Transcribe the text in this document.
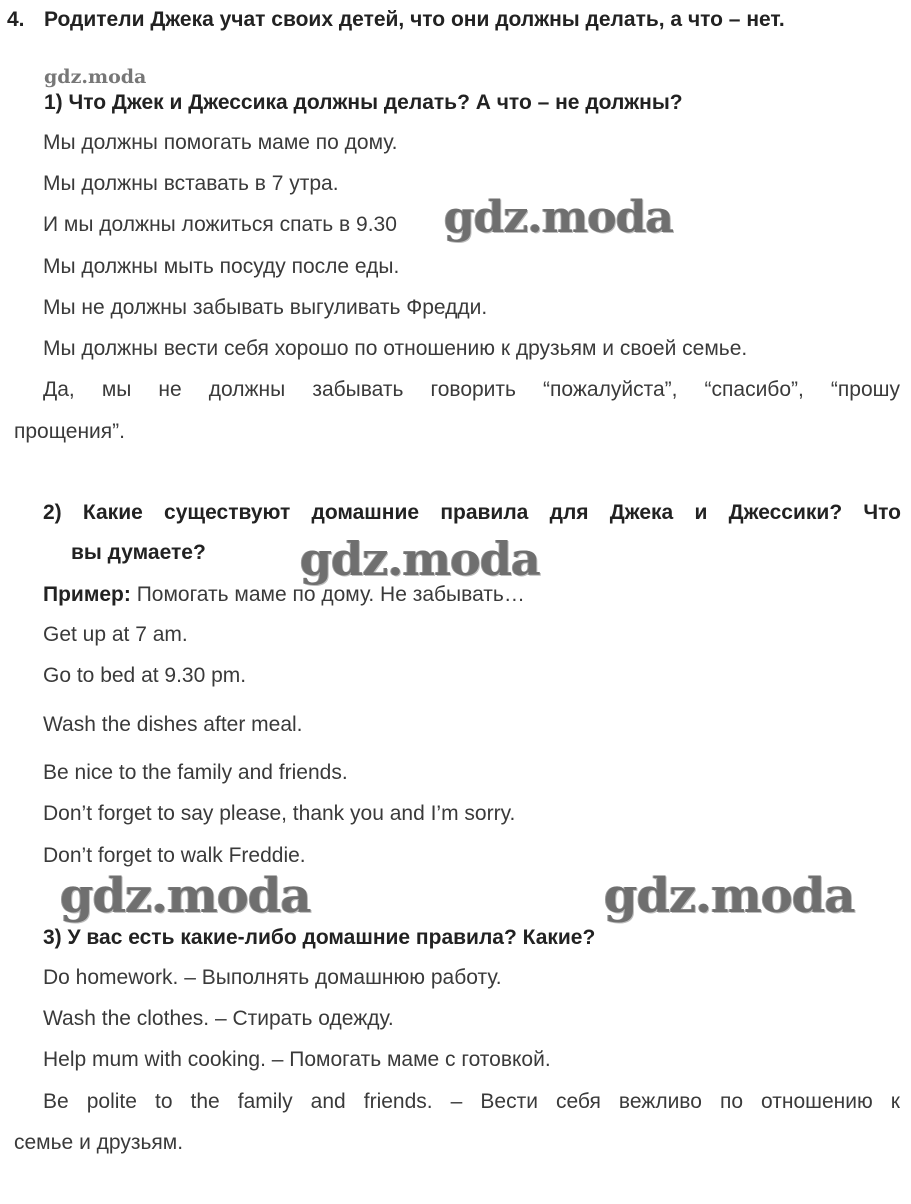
4. Родители Джека учат своих детей, что они должны делать, а что – нет.
gdz.moda
1) Что Джек и Джессика должны делать? А что – не должны?
Мы должны помогать маме по дому.
Мы должны вставать в 7 утра.
И мы должны ложиться спать в 9.30
Мы должны мыть посуду после еды.
Мы не должны забывать выгуливать Фредди.
Мы должны вести себя хорошо по отношению к друзьям и своей семье.
Да, мы не должны забывать говорить “пожалуйста”, “спасибо”, “прошу
прощения”.
2) Какие существуют домашние правила для Джека и Джессики? Что
вы думаете?
Пример: Помогать маме по дому. Не забывать…
Get up at 7 am.
Go to bed at 9.30 pm.
Wash the dishes after meal.
Be nice to the family and friends.
Don’t forget to say please, thank you and I’m sorry.
Don’t forget to walk Freddie.
3) У вас есть какие-либо домашние правила? Какие?
Do homework. – Выполнять домашнюю работу.
Wash the clothes. – Стирать одежду.
Help mum with cooking. – Помогать маме с готовкой.
Be polite to the family and friends. – Вести себя вежливо по отношению к
семье и друзьям.
gdz.moda
gdz.moda
gdz.moda	gdz.moda
